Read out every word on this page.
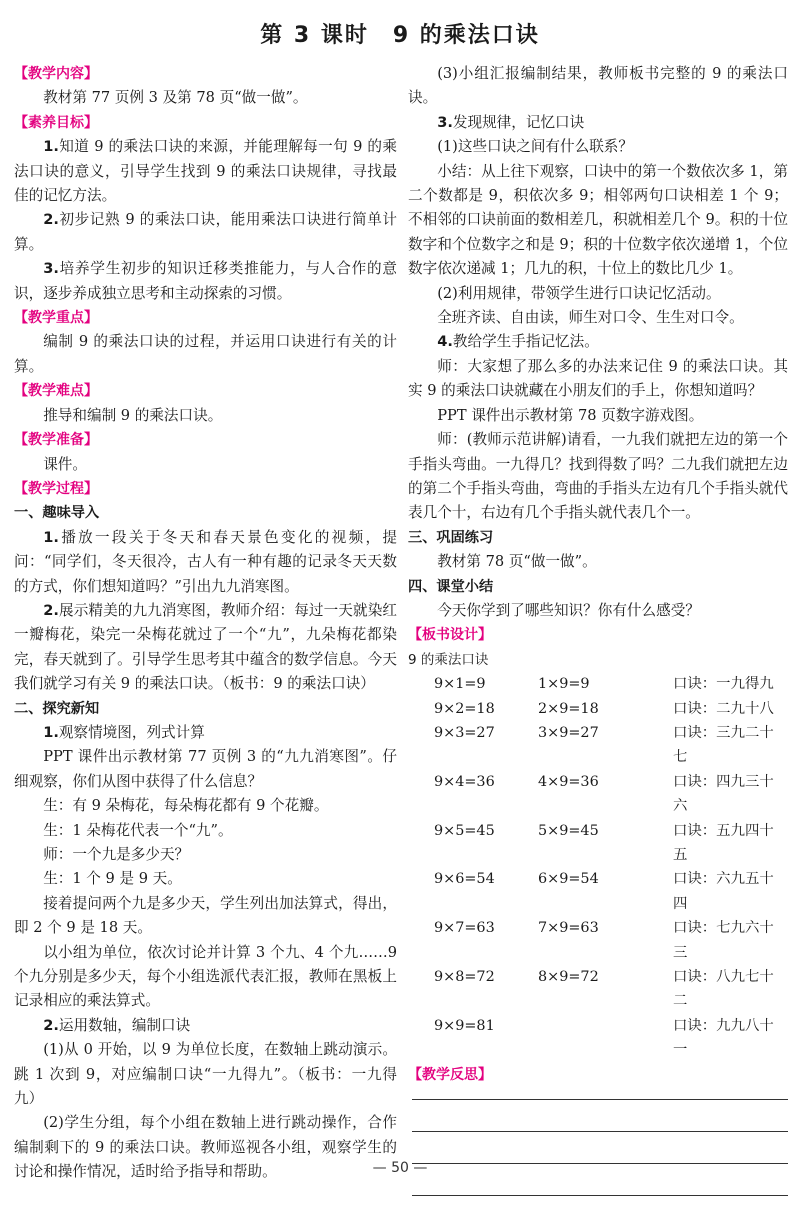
第 3 课时　9 的乘法口诀

【教学内容】

教材第 77 页例 3 及第 78 页“做一做”。

【素养目标】

1.知道 9 的乘法口诀的来源，并能理解每一句 9 的乘法口诀的意义，引导学生找到 9 的乘法口诀规律，寻找最佳的记忆方法。

2.初步记熟 9 的乘法口诀，能用乘法口诀进行简单计算。

3.培养学生初步的知识迁移类推能力，与人合作的意识，逐步养成独立思考和主动探索的习惯。

【教学重点】

编制 9 的乘法口诀的过程，并运用口诀进行有关的计算。

【教学难点】

推导和编制 9 的乘法口诀。

【教学准备】

课件。

【教学过程】

一、趣味导入

1.播放一段关于冬天和春天景色变化的视频，提问：“同学们，冬天很冷，古人有一种有趣的记录冬天天数的方式，你们想知道吗？”引出九九消寒图。

2.展示精美的九九消寒图，教师介绍：每过一天就染红一瓣梅花，染完一朵梅花就过了一个“九”，九朵梅花都染完，春天就到了。引导学生思考其中蕴含的数学信息。今天我们就学习有关 9 的乘法口诀。（板书：9 的乘法口诀）

二、探究新知

1.观察情境图，列式计算

PPT 课件出示教材第 77 页例 3 的“九九消寒图”。仔细观察，你们从图中获得了什么信息？

生：有 9 朵梅花，每朵梅花都有 9 个花瓣。

生：1 朵梅花代表一个“九”。

师：一个九是多少天？

生：1 个 9 是 9 天。

接着提问两个九是多少天，学生列出加法算式，得出，即 2 个 9 是 18 天。

以小组为单位，依次讨论并计算 3 个九、4 个九……9 个九分别是多少天，每个小组选派代表汇报，教师在黑板上记录相应的乘法算式。

2.运用数轴，编制口诀

(1)从 0 开始，以 9 为单位长度，在数轴上跳动演示。跳 1 次到 9，对应编制口诀“一九得九”。（板书：一九得九）

(2)学生分组，每个小组在数轴上进行跳动操作，合作编制剩下的 9 的乘法口诀。教师巡视各小组，观察学生的讨论和操作情况，适时给予指导和帮助。

(3)小组汇报编制结果，教师板书完整的 9 的乘法口诀。

3.发现规律，记忆口诀

(1)这些口诀之间有什么联系？

小结：从上往下观察，口诀中的第一个数依次多 1，第二个数都是 9，积依次多 9；相邻两句口诀相差 1 个 9；不相邻的口诀前面的数相差几，积就相差几个 9。积的十位数字和个位数字之和是 9；积的十位数字依次递增 1，个位数字依次递减 1；几九的积，十位上的数比几少 1。

(2)利用规律，带领学生进行口诀记忆活动。

全班齐读、自由读，师生对口令、生生对口令。

4.教给学生手指记忆法。

师：大家想了那么多的办法来记住 9 的乘法口诀。其实 9 的乘法口诀就藏在小朋友们的手上，你想知道吗？

PPT 课件出示教材第 78 页数字游戏图。

师：(教师示范讲解)请看，一九我们就把左边的第一个手指头弯曲。一九得几？找到得数了吗？二九我们就把左边的第二个手指头弯曲，弯曲的手指头左边有几个手指头就代表几个十，右边有几个手指头就代表几个一。

三、巩固练习

教材第 78 页“做一做”。

四、课堂小结

今天你学到了哪些知识？你有什么感受？

【板书设计】

9 的乘法口诀

9×1=9	1×9=9	口诀：一九得九
9×2=18	2×9=18	口诀：二九十八
9×3=27	3×9=27	口诀：三九二十七
9×4=36	4×9=36	口诀：四九三十六
9×5=45	5×9=45	口诀：五九四十五
9×6=54	6×9=54	口诀：六九五十四
9×7=63	7×9=63	口诀：七九六十三
9×8=72	8×9=72	口诀：八九七十二
9×9=81	口诀：九九八十一

【教学反思】

— 50 —
